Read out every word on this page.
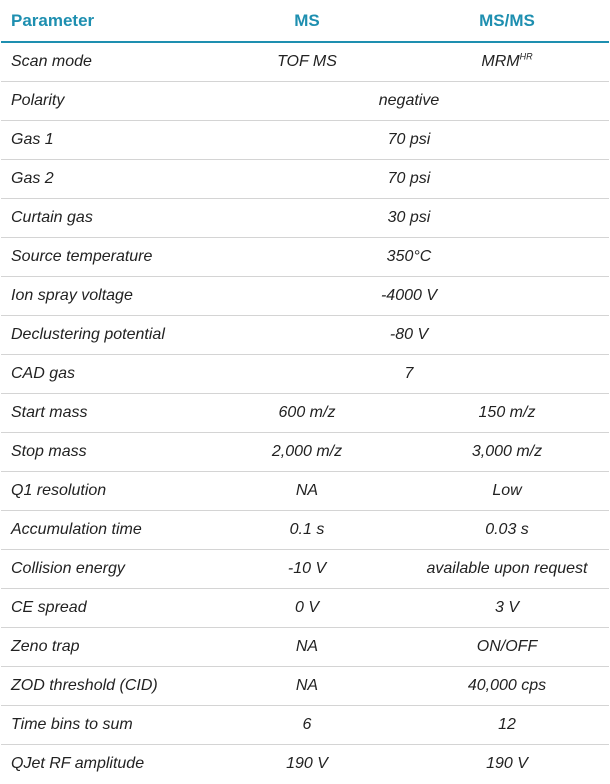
Parameter	MS	MS/MS
Scan mode	TOF MS	$MRM^{HR}$
Polarity	negative
Gas 1	70 psi
Gas 2	70 psi
Curtain gas	30 psi
Source temperature	350°C
Ion spray voltage	-4000 V
Declustering potential	-80 V
CAD gas	7
Start mass	600 m/z	150 m/z
Stop mass	2,000 m/z	3,000 m/z
Q1 resolution	NA	Low
Accumulation time	0.1 s	0.03 s
Collision energy	-10 V	available upon request
CE spread	0 V	3 V
Zeno trap	NA	ON/OFF
ZOD threshold (CID)	NA	40,000 cps
Time bins to sum	6	12
QJet RF amplitude	190 V	190 V
